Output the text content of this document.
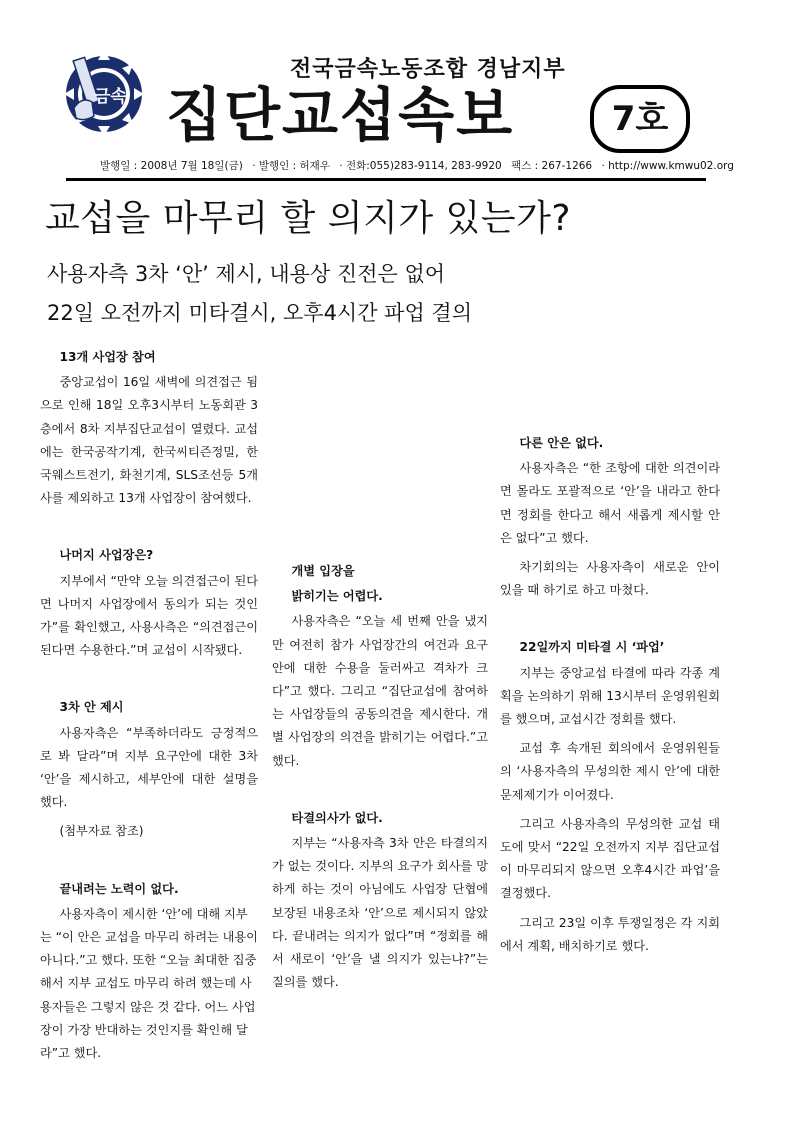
금속
전국금속노동조합 경남지부
집단교섭속보	7호
발행일 : 2008년 7월 18일(금) · 발행인 : 허재우 · 전화:055)283-9114, 283-9920 팩스 : 267-1266 · http://www.kmwu02.org
교섭을 마무리 할 의지가 있는가?
사용자측 3차 ‘안’ 제시, 내용상 진전은 없어
22일 오전까지 미타결시, 오후4시간 파업 결의

13개 사업장 참여

중앙교섭이 16일 새벽에 의견접근 됨으로 인해 18일 오후3시부터 노동회관 3층에서 8차 지부집단교섭이 열렸다. 교섭에는 한국공작기계, 한국씨티즌정밀, 한국웨스트전기, 화천기계, SLS조선등 5개사를 제외하고 13개 사업장이 참여했다.

나머지 사업장은?

지부에서 “만약 오늘 의견접근이 된다면 나머지 사업장에서 동의가 되는 것인가”를 확인했고, 사용사측은 “의견접근이 된다면 수용한다.”며 교섭이 시작됐다.

3차 안 제시

사용자측은 “부족하더라도 긍정적으로 봐 달라”며 지부 요구안에 대한 3차 ‘안’을 제시하고, 세부안에 대한 설명을 했다.

(첨부자료 참조)

끝내려는 노력이 없다.

사용자측이 제시한 ‘안’에 대해 지부는 “이 안은 교섭을 마무리 하려는 내용이 아니다.”고 했다. 또한 “오늘 최대한 집중해서 지부 교섭도 마무리 하려 했는데 사용자들은 그렇지 않은 것 같다. 어느 사업장이 가장 반대하는 것인지를 확인해 달라”고 했다.

개별 입장을

밝히기는 어렵다.

사용자측은 “오늘 세 번째 안을 냈지만 여전히 참가 사업장간의 여건과 요구안에 대한 수용을 둘러싸고 격차가 크다”고 했다. 그리고 “집단교섭에 참여하는 사업장들의 공동의견을 제시한다. 개별 사업장의 의견을 밝히기는 어렵다.”고 했다.

타결의사가 없다.

지부는 “사용자측 3차 안은 타결의지가 없는 것이다. 지부의 요구가 회사를 망하게 하는 것이 아님에도 사업장 단협에 보장된 내용조차 ‘안’으로 제시되지 않았다. 끝내려는 의지가 없다”며 “정회를 해서 새로이 ‘안’을 낼 의지가 있는냐?”는 질의를 했다.

다른 안은 없다.

사용자측은 “한 조항에 대한 의견이라면 몰라도 포괄적으로 ‘안’을 내라고 한다면 정회를 한다고 해서 새롭게 제시할 안은 없다”고 했다.

차기회의는 사용자측이 새로운 안이 있을 때 하기로 하고 마쳤다.

22일까지 미타결 시 ‘파업’

지부는 중앙교섭 타결에 따라 각종 계획을 논의하기 위해 13시부터 운영위원회를 했으며, 교섭시간 정회를 했다.

교섭 후 속개된 회의에서 운영위원들의 ‘사용자측의 무성의한 제시 안’에 대한 문제제기가 이어졌다.

그리고 사용자측의 무성의한 교섭 태도에 맞서 “22일 오전까지 지부 집단교섭이 마무리되지 않으면 오후4시간 파업’을 결정했다.

그리고 23일 이후 투쟁일정은 각 지회에서 계획, 배치하기로 했다.
